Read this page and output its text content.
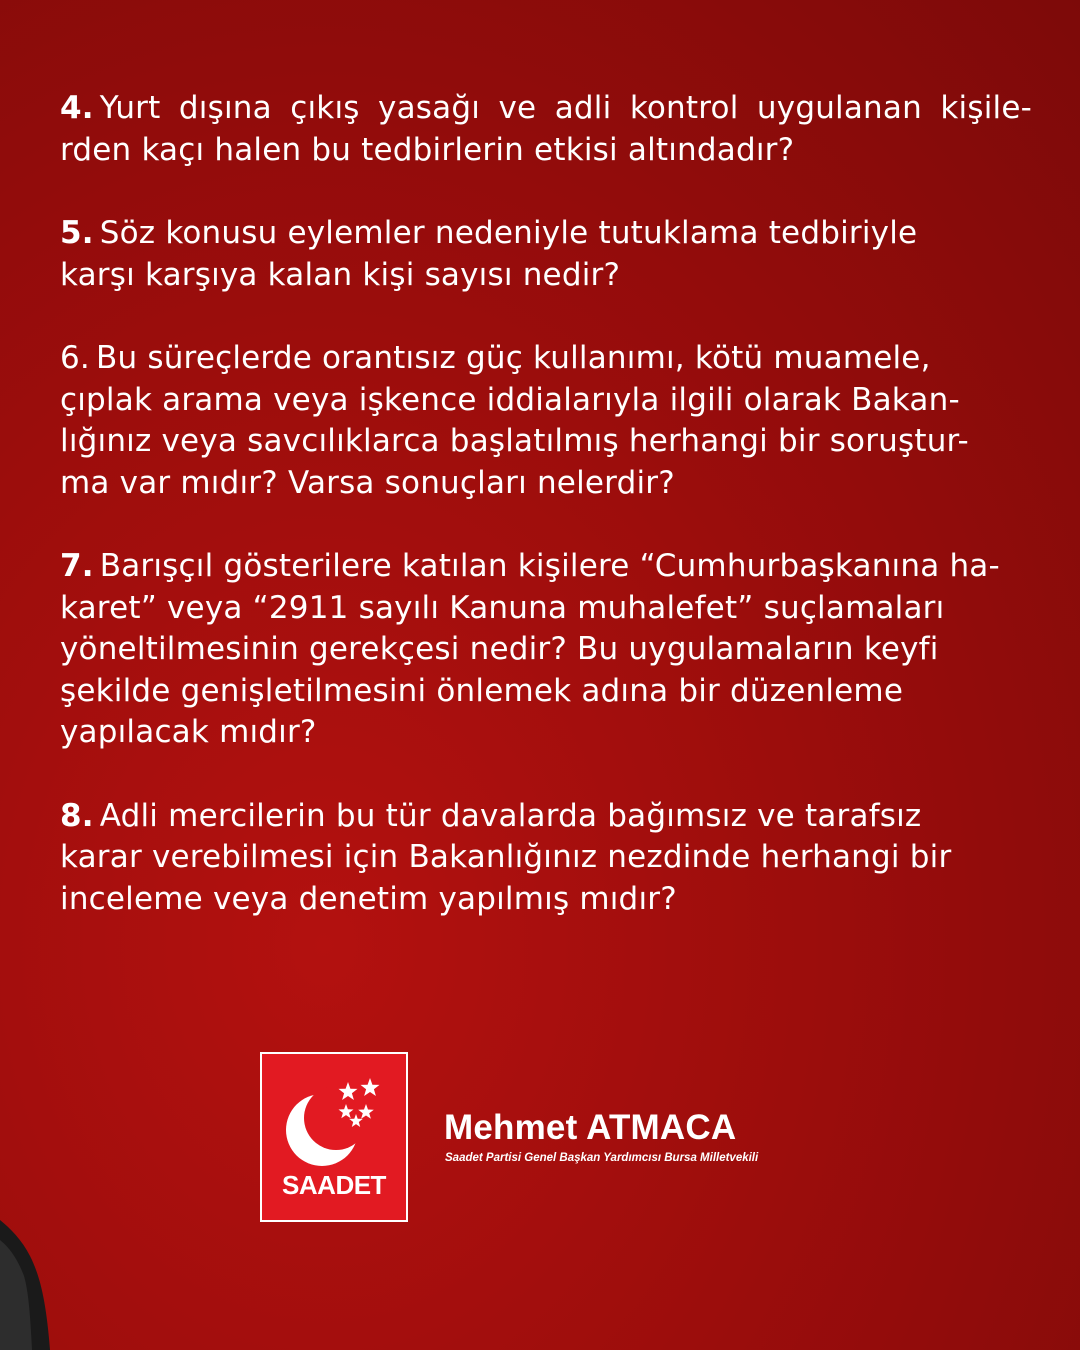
4. Yurt dışına çıkış yasağı ve adli kontrol uygulanan kişile-
rden kaçı halen bu tedbirlerin etkisi altındadır?
5. Söz konusu eylemler nedeniyle tutuklama tedbiriyle
karşı karşıya kalan kişi sayısı nedir?
6. Bu süreçlerde orantısız güç kullanımı, kötü muamele,
çıplak arama veya işkence iddialarıyla ilgili olarak Bakan-
lığınız veya savcılıklarca başlatılmış herhangi bir soruştur-
ma var mıdır? Varsa sonuçları nelerdir?
7. Barışçıl gösterilere katılan kişilere “Cumhurbaşkanına ha-
karet” veya “2911 sayılı Kanuna muhalefet” suçlamaları
yöneltilmesinin gerekçesi nedir? Bu uygulamaların keyfi
şekilde genişletilmesini önlemek adına bir düzenleme
yapılacak mıdır?
8. Adli mercilerin bu tür davalarda bağımsız ve tarafsız
karar verebilmesi için Bakanlığınız nezdinde herhangi bir
inceleme veya denetim yapılmış mıdır?
SAADET
Mehmet ATMACA
Saadet Partisi Genel Başkan Yardımcısı Bursa Milletvekili
